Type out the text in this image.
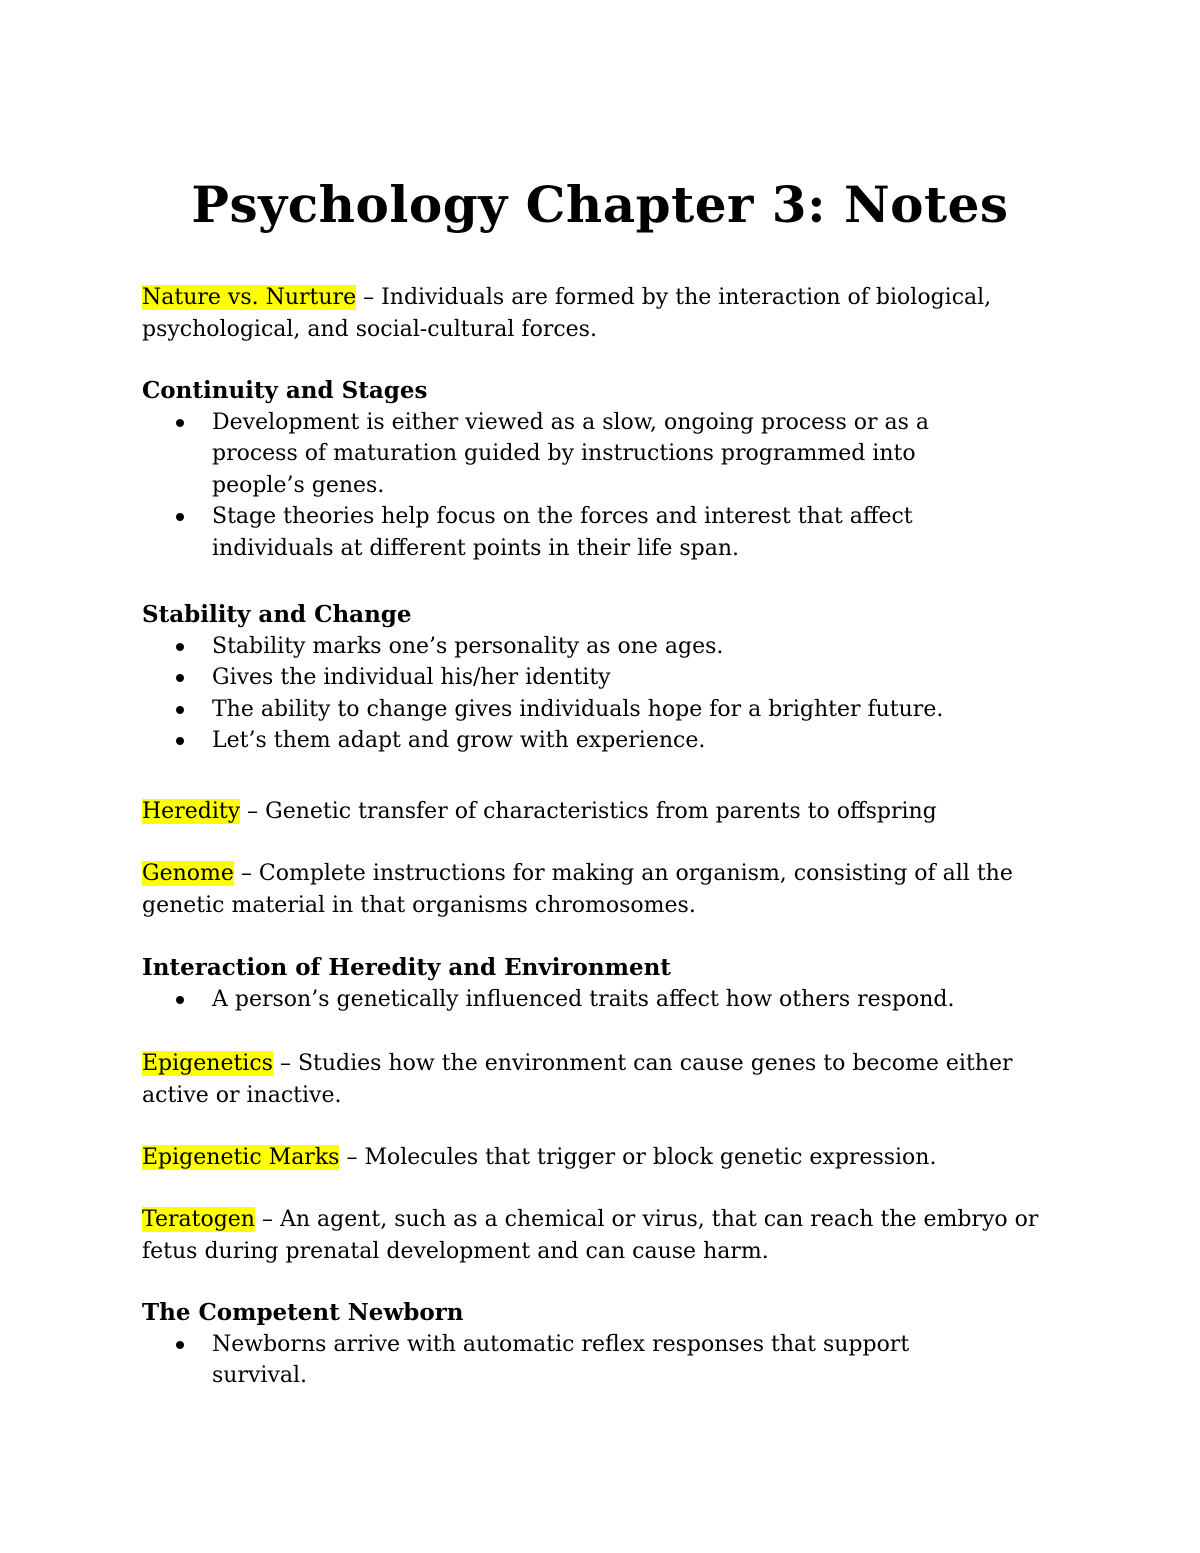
Psychology Chapter 3: Notes

Nature vs. Nurture – Individuals are formed by the interaction of biological, psychological, and social-cultural forces.

Continuity and Stages

Development is either viewed as a slow, ongoing process or as a process of maturation guided by instructions programmed into people’s genes.
Stage theories help focus on the forces and interest that affect individuals at different points in their life span.

Stability and Change

Stability marks one’s personality as one ages.
Gives the individual his/her identity
The ability to change gives individuals hope for a brighter future.
Let’s them adapt and grow with experience.

Heredity – Genetic transfer of characteristics from parents to offspring

Genome – Complete instructions for making an organism, consisting of all the genetic material in that organisms chromosomes.

Interaction of Heredity and Environment

A person’s genetically influenced traits affect how others respond.

Epigenetics – Studies how the environment can cause genes to become either active or inactive.

Epigenetic Marks – Molecules that trigger or block genetic expression.

Teratogen – An agent, such as a chemical or virus, that can reach the embryo or fetus during prenatal development and can cause harm.

The Competent Newborn

Newborns arrive with automatic reflex responses that support survival.
